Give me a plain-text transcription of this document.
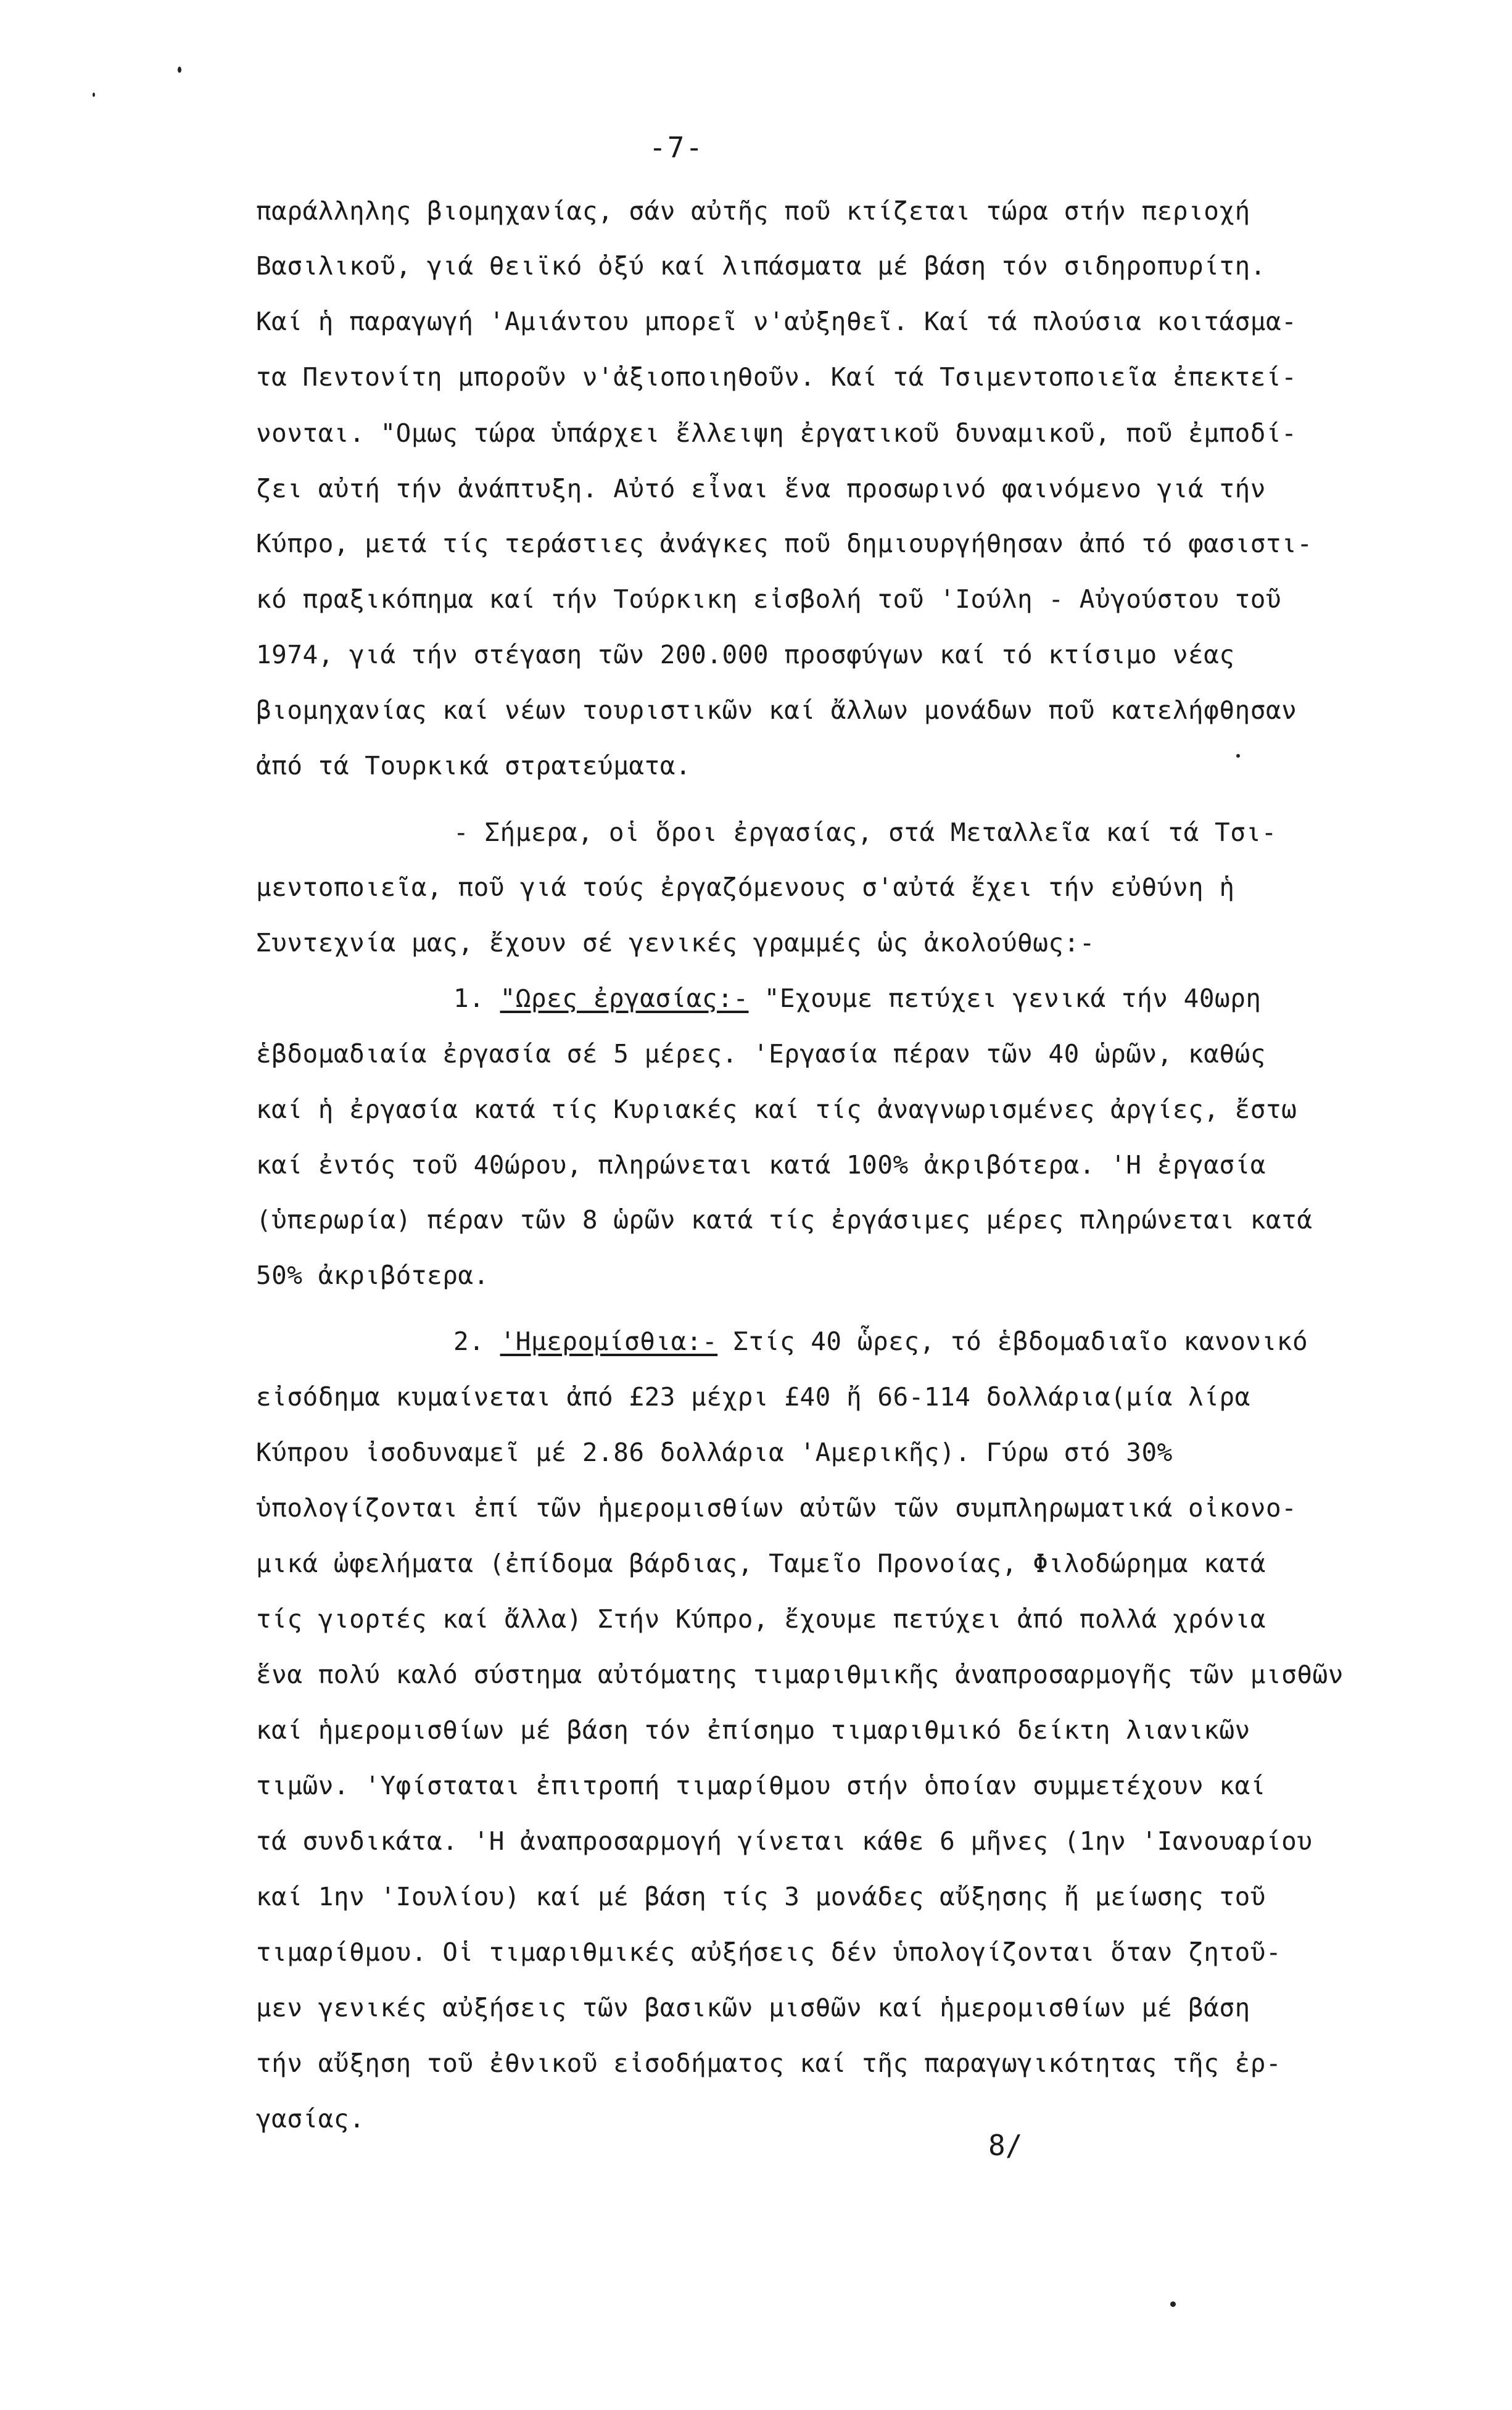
-7-
παράλληλης βιομηχανίας, σάν αὐτῆς ποῦ κτίζεται τώρα στήν περιοχή
Βασιλικοῦ, γιά θειϊκό ὀξύ καί λιπάσματα μέ βάση τόν σιδηροπυρίτη.
Καί ἡ παραγωγή 'Αμιάντου μπορεῖ ν'αὐξηθεῖ. Καί τά πλούσια κοιτάσμα-
τα Πεντονίτη μποροῦν ν'ἀξιοποιηθοῦν. Καί τά Τσιμεντοποιεῖα ἐπεκτεί-
νονται. "Ομως τώρα ὑπάρχει ἔλλειψη ἐργατικοῦ δυναμικοῦ, ποῦ ἐμποδί-
ζει αὐτή τήν ἀνάπτυξη. Αὐτό εἶναι ἕνα προσωρινό φαινόμενο γιά τήν
Κύπρο, μετά τίς τεράστιες ἀνάγκες ποῦ δημιουργήθησαν ἀπό τό φασιστι-
κό πραξικόπημα καί τήν Τούρκικη εἰσβολή τοῦ 'Ιούλη - Αὐγούστου τοῦ
1974, γιά τήν στέγαση τῶν 200.000 προσφύγων καί τό κτίσιμο νέας
βιομηχανίας καί νέων τουριστικῶν καί ἄλλων μονάδων ποῦ κατελήφθησαν
ἀπό τά Τουρκικά στρατεύματα.
- Σήμερα, οἱ ὅροι ἐργασίας, στά Μεταλλεῖα καί τά Τσι-
μεντοποιεῖα, ποῦ γιά τούς ἐργαζόμενους σ'αὐτά ἔχει τήν εὐθύνη ἡ
Συντεχνία μας, ἔχουν σέ γενικές γραμμές ὡς ἀκολούθως:-
1. "Ωρες ἐργασίας:- "Εχουμε πετύχει γενικά τήν 40ωρη
ἑβδομαδιαία ἐργασία σέ 5 μέρες. 'Εργασία πέραν τῶν 40 ὡρῶν, καθώς
καί ἡ ἐργασία κατά τίς Κυριακές καί τίς ἀναγνωρισμένες ἀργίες, ἔστω
καί ἐντός τοῦ 40ώρου, πληρώνεται κατά 100% ἀκριβότερα. 'Η ἐργασία
(ὑπερωρία) πέραν τῶν 8 ὡρῶν κατά τίς ἐργάσιμες μέρες πληρώνεται κατά
50% ἀκριβότερα.
2. 'Ημερομίσθια:- Στίς 40 ὧρες, τό ἑβδομαδιαῖο κανονικό
εἰσόδημα κυμαίνεται ἀπό £23 μέχρι £40 ἤ 66-114 δολλάρια(μία λίρα
Κύπρου ἰσοδυναμεῖ μέ 2.86 δολλάρια 'Αμερικῆς). Γύρω στό 30%
ὑπολογίζονται ἐπί τῶν ἡμερομισθίων αὐτῶν τῶν συμπληρωματικά οἰκονο-
μικά ὠφελήματα (ἐπίδομα βάρδιας, Ταμεῖο Προνοίας, Φιλοδώρημα κατά
τίς γιορτές καί ἄλλα) Στήν Κύπρο, ἔχουμε πετύχει ἀπό πολλά χρόνια
ἕνα πολύ καλό σύστημα αὐτόματης τιμαριθμικῆς ἀναπροσαρμογῆς τῶν μισθῶν
καί ἡμερομισθίων μέ βάση τόν ἐπίσημο τιμαριθμικό δείκτη λιανικῶν
τιμῶν. 'Υφίσταται ἐπιτροπή τιμαρίθμου στήν ὁποίαν συμμετέχουν καί
τά συνδικάτα. 'Η ἀναπροσαρμογή γίνεται κάθε 6 μῆνες (1ην 'Ιανουαρίου
καί 1ην 'Ιουλίου) καί μέ βάση τίς 3 μονάδες αὔξησης ἤ μείωσης τοῦ
τιμαρίθμου. Οἱ τιμαριθμικές αὐξήσεις δέν ὑπολογίζονται ὅταν ζητοῦ-
μεν γενικές αὐξήσεις τῶν βασικῶν μισθῶν καί ἡμερομισθίων μέ βάση
τήν αὔξηση τοῦ ἐθνικοῦ εἰσοδήματος καί τῆς παραγωγικότητας τῆς ἐρ-
γασίας.
8/
